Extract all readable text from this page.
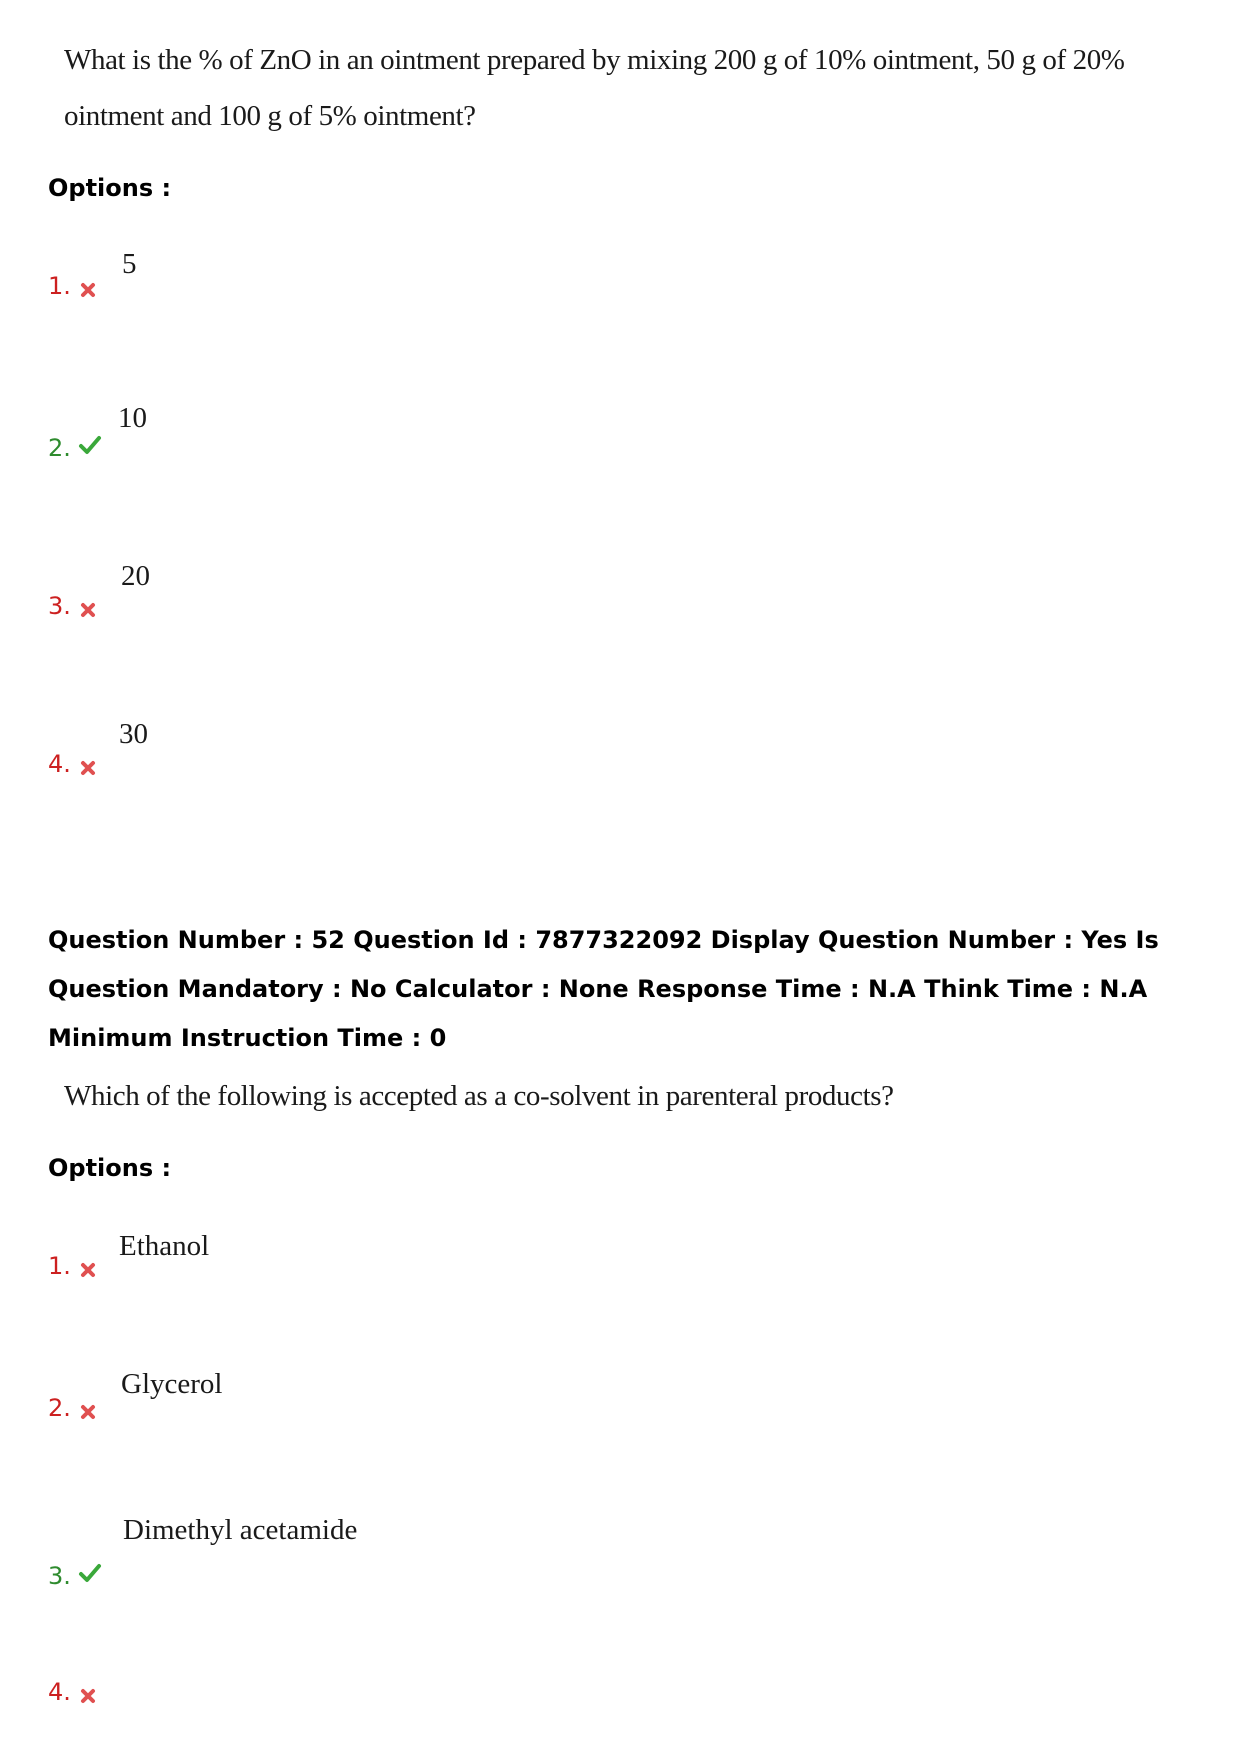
What is the % of ZnO in an ointment prepared by mixing 200 g of 10% ointment, 50 g of 20%

ointment and 100 g of 5% ointment?

Options :

1.
5
2.
10
3.
20
4.
30

Question Number : 52 Question Id : 7877322092 Display Question Number : Yes Is Question Mandatory : No Calculator : None Response Time : N.A Think Time : N.A Minimum Instruction Time : 0

Which of the following is accepted as a co-solvent in parenteral products?

Options :

1.
Ethanol
2.
Glycerol
3.
Dimethyl acetamide
4.
